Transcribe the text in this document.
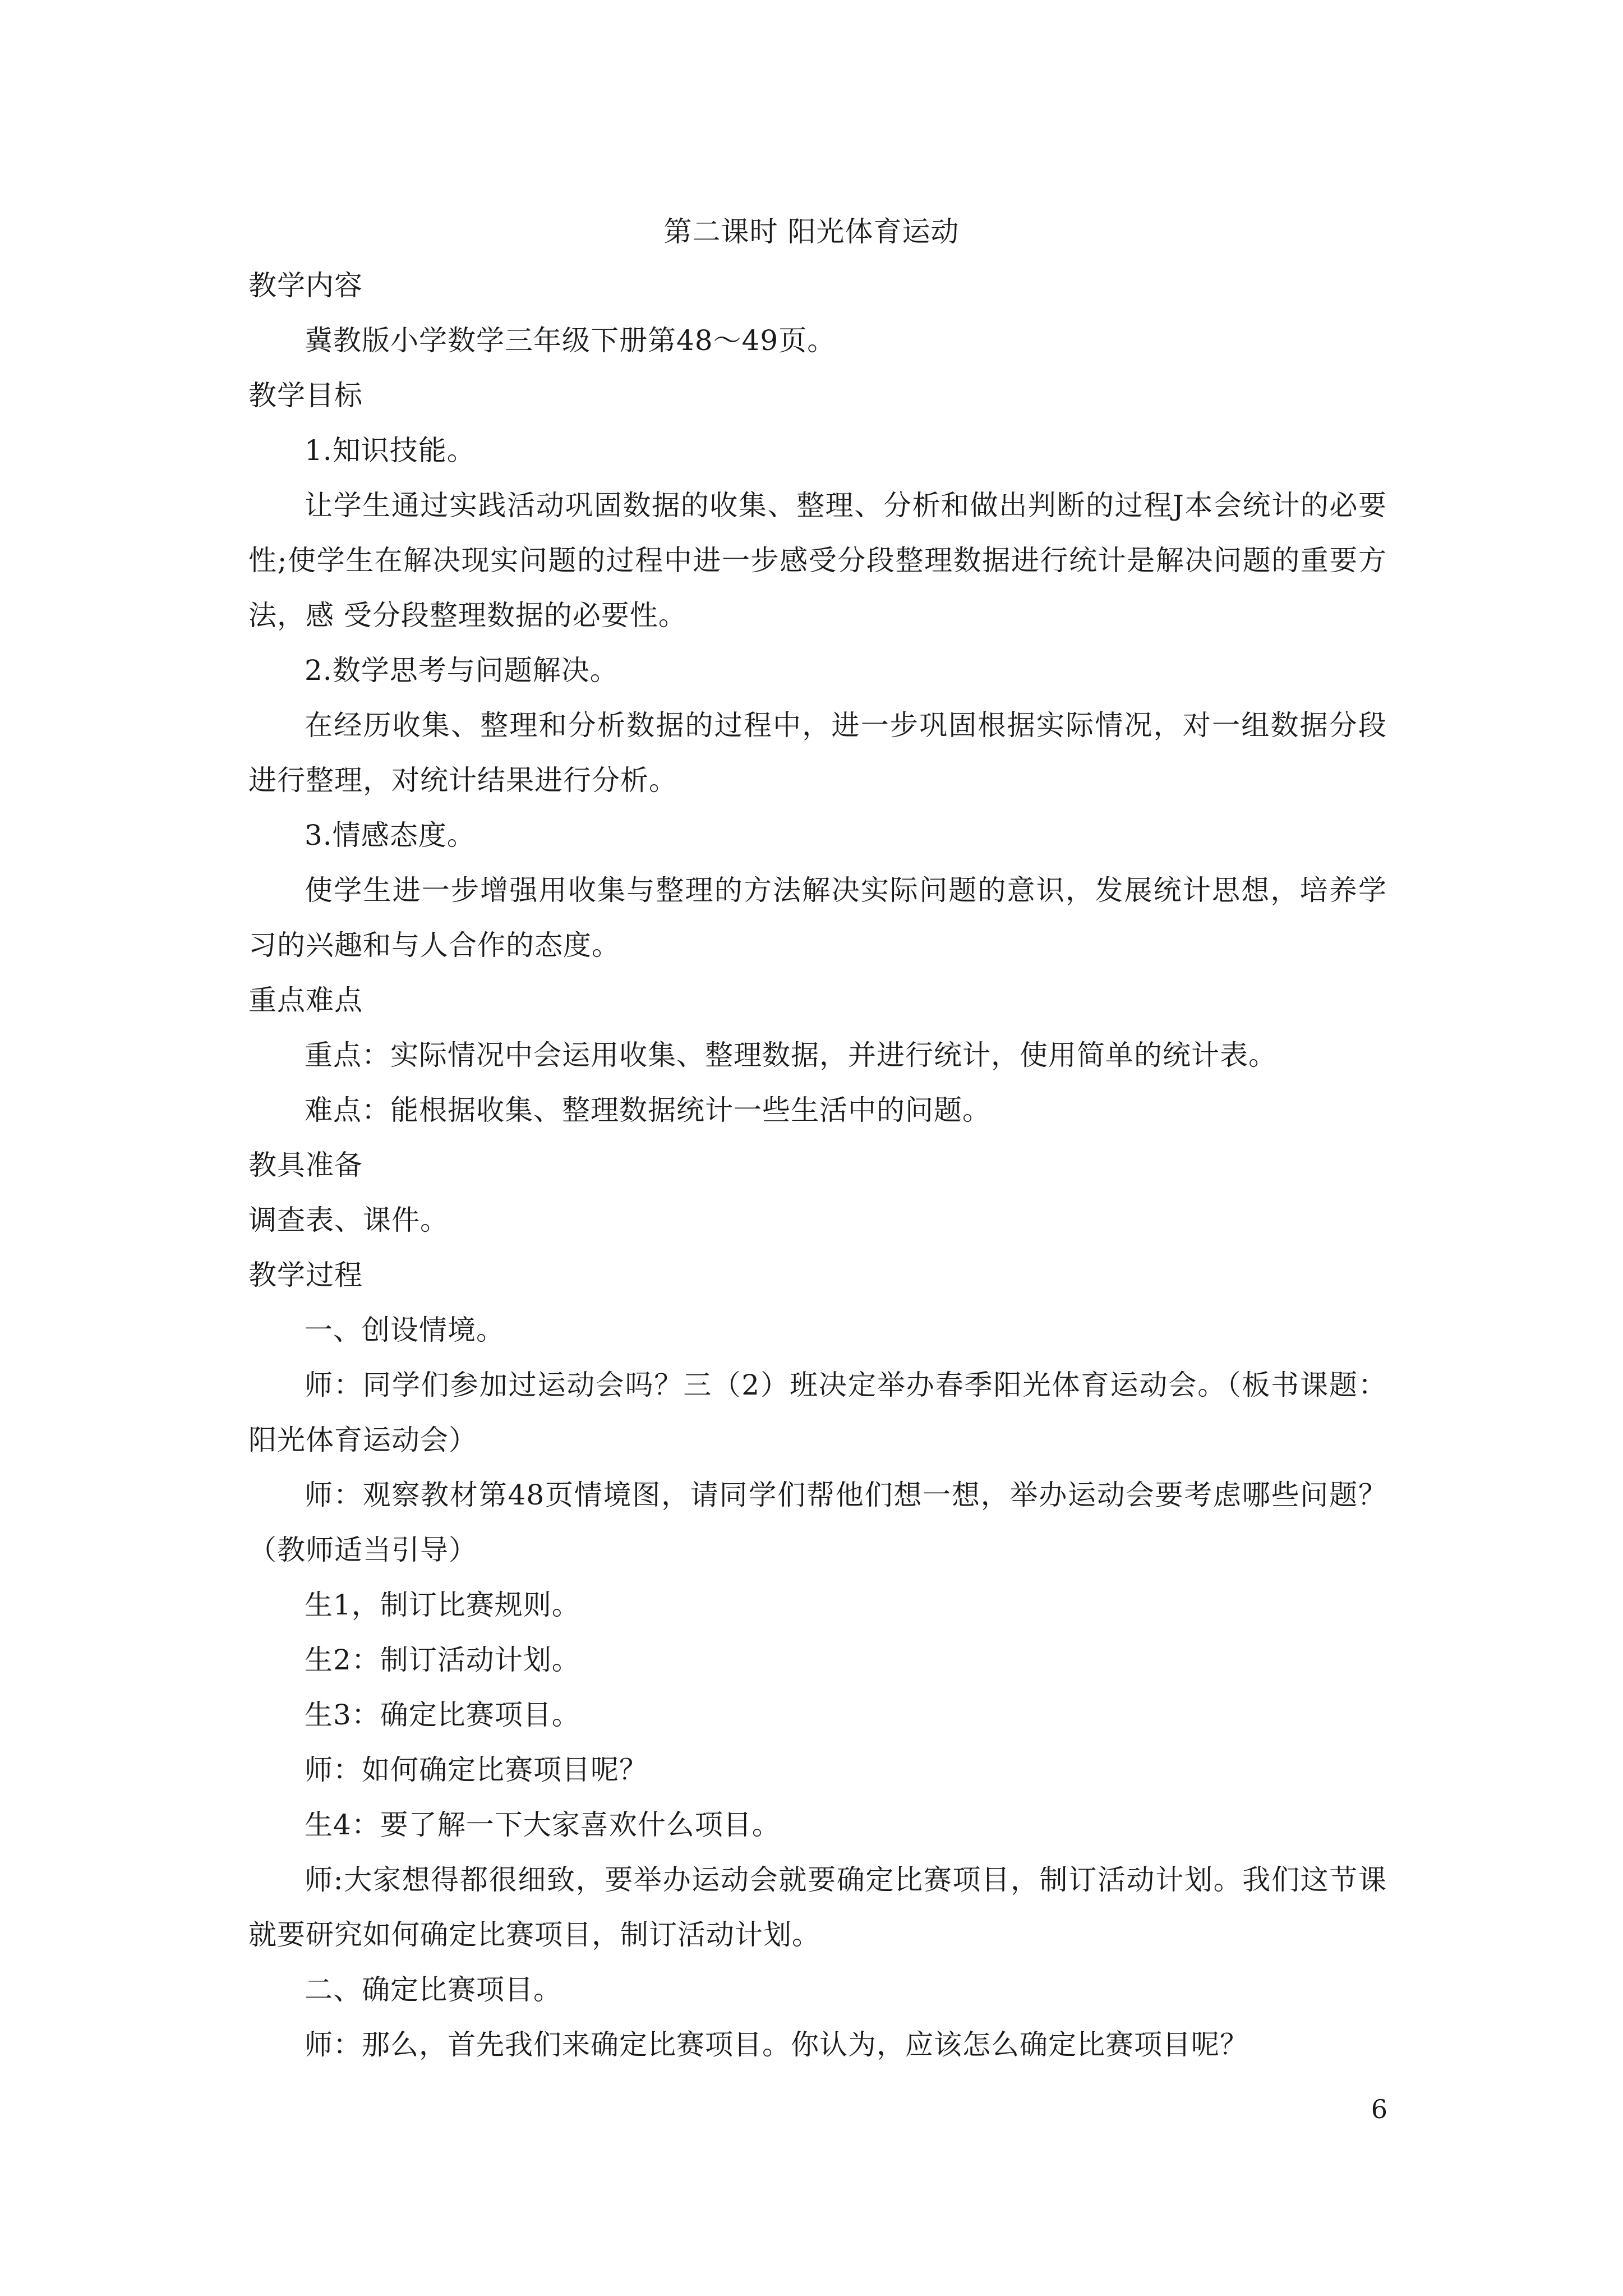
第二课时 阳光体育运动

教学内容

冀教版小学数学三年级下册第48～49页。

教学目标

1.知识技能。

让学生通过实践活动巩固数据的收集、整理、分析和做出判断的过程J本会统计的必要性;使学生在解决现实问题的过程中进一步感受分段整理数据进行统计是解决问题的重要方法，感 受分段整理数据的必要性。

2.数学思考与问题解决。

在经历收集、整理和分析数据的过程中，进一步巩固根据实际情况，对一组数据分段进行整理，对统计结果进行分析。

3.情感态度。

使学生进一步增强用收集与整理的方法解决实际问题的意识，发展统计思想，培养学习的兴趣和与人合作的态度。

重点难点

重点：实际情况中会运用收集、整理数据，并进行统计，使用简单的统计表。

难点：能根据收集、整理数据统计一些生活中的问题。

教具准备

调查表、课件。

教学过程

一、创设情境。

师：同学们参加过运动会吗？三（2）班决定举办春季阳光体育运动会。（板书课题：阳光体育运动会）

师：观察教材第48页情境图，请同学们帮他们想一想，举办运动会要考虑哪些问题？（教师适当引导）

生1，制订比赛规则。

生2：制订活动计划。

生3：确定比赛项目。

师：如何确定比赛项目呢？

生4：要了解一下大家喜欢什么项目。

师:大家想得都很细致，要举办运动会就要确定比赛项目，制订活动计划。我们这节课就要研究如何确定比赛项目，制订活动计划。

二、确定比赛项目。

师：那么，首先我们来确定比赛项目。你认为，应该怎么确定比赛项目呢？

6
